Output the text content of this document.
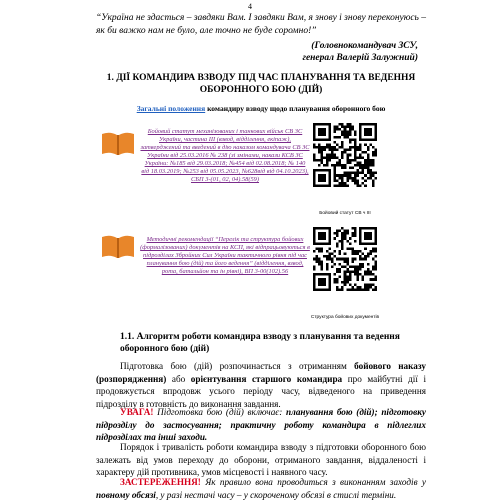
4
“Україна не здасться – завдяки Вам. І завдяки Вам, я знову і знову переконуюсь – як би важко нам не було, але точно не буде соромно!”
(Головнокомандувач ЗСУ,
генерал Валерій Залужний)
1. ДІЇ КОМАНДИРА ВЗВОДУ ПІД ЧАС ПЛАНУВАННЯ ТА ВЕДЕННЯ ОБОРОННОГО БОЮ (ДІЙ)
Загальні положення командиру взводу щодо планування оборонного бою
Бойовий статут механізованих і танкових військ СВ ЗС України, частина ІІІ (взвод, відділення, екіпаж), затверджений та введений в дію наказом командувача СВ ЗС України від 25.03.2016 № 238 (зі змінами, накази КСВ ЗС України: №185 від 29.03.2018; №454 від 02.08.2018; № 140 від 18.03.2019; №253 від 05.05.2023, №628від від 04.10.2023), СБП 3-(01, 02, 04).58(59)
Бойовий статут СВ ч III
Методичні рекомендації “Перелік та структура бойових (формалізованих) документів на КСП, які відпрацьовуються в підрозділах Збройних Сил України тактичного рівня під час планування бою (дій) та його ведення” (відділення, взвод, рота, батальйон та ін рівні), ВП 3-00(102).56
Структура бойових документів
1.1. Алгоритм роботи командира взводу з планування та ведення оборонного бою (дій)
Підготовка бою (дій) розпочинається з отриманням бойового наказу (розпорядження) або орієнтування старшого командира про майбутні дії і продовжується впродовж усього періоду часу, відведеного на приведення підрозділу в готовність до виконання завдання.
УВАГА! Підготовка бою (дій) включає: планування бою (дій); підготовку підрозділу до застосування; практичну роботу командира в підлеглих підрозділах та інші заходи.
Порядок і тривалість роботи командира взводу з підготовки оборонного бою залежать від умов переходу до оборони, отриманого завдання, віддаленості і характеру дій противника, умов місцевості і наявного часу.
ЗАСТЕРЕЖЕННЯ! Як правило вона проводиться з виконанням заходів у повному обсязі, у разі нестачі часу – у скороченому обсязі в стислі терміни.
